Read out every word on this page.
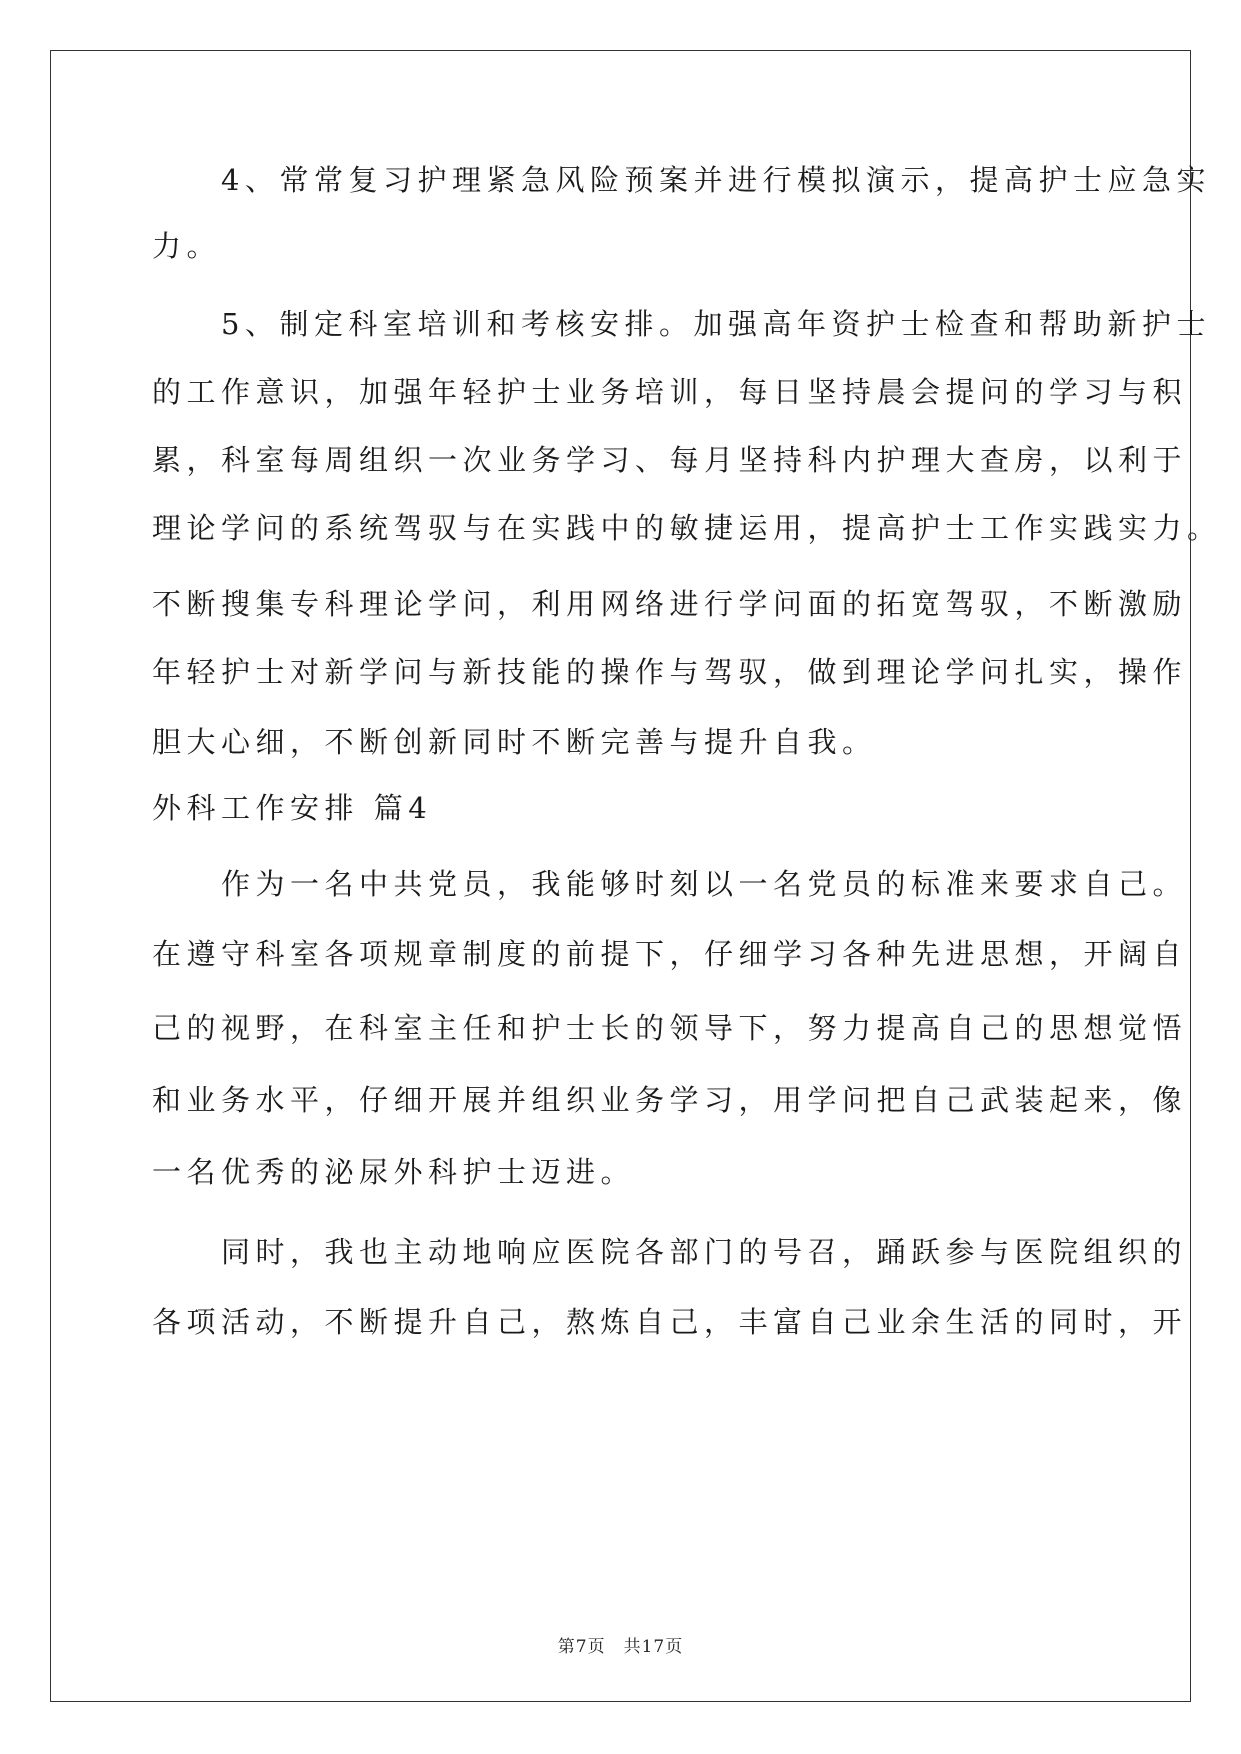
　　4、常常复习护理紧急风险预案并进行模拟演示，提高护士应急实
力。
　　5、制定科室培训和考核安排。加强高年资护士检查和帮助新护士
的工作意识，加强年轻护士业务培训，每日坚持晨会提问的学习与积
累，科室每周组织一次业务学习、每月坚持科内护理大查房，以利于
理论学问的系统驾驭与在实践中的敏捷运用，提高护士工作实践实力。
不断搜集专科理论学问，利用网络进行学问面的拓宽驾驭，不断激励
年轻护士对新学问与新技能的操作与驾驭，做到理论学问扎实，操作
胆大心细，不断创新同时不断完善与提升自我。
外科工作安排 篇4
　　作为一名中共党员，我能够时刻以一名党员的标准来要求自己。
在遵守科室各项规章制度的前提下，仔细学习各种先进思想，开阔自
己的视野，在科室主任和护士长的领导下，努力提高自己的思想觉悟
和业务水平，仔细开展并组织业务学习，用学问把自己武装起来，像
一名优秀的泌尿外科护士迈进。
　　同时，我也主动地响应医院各部门的号召，踊跃参与医院组织的
各项活动，不断提升自己，熬炼自己，丰富自己业余生活的同时，开
第7页 共17页
